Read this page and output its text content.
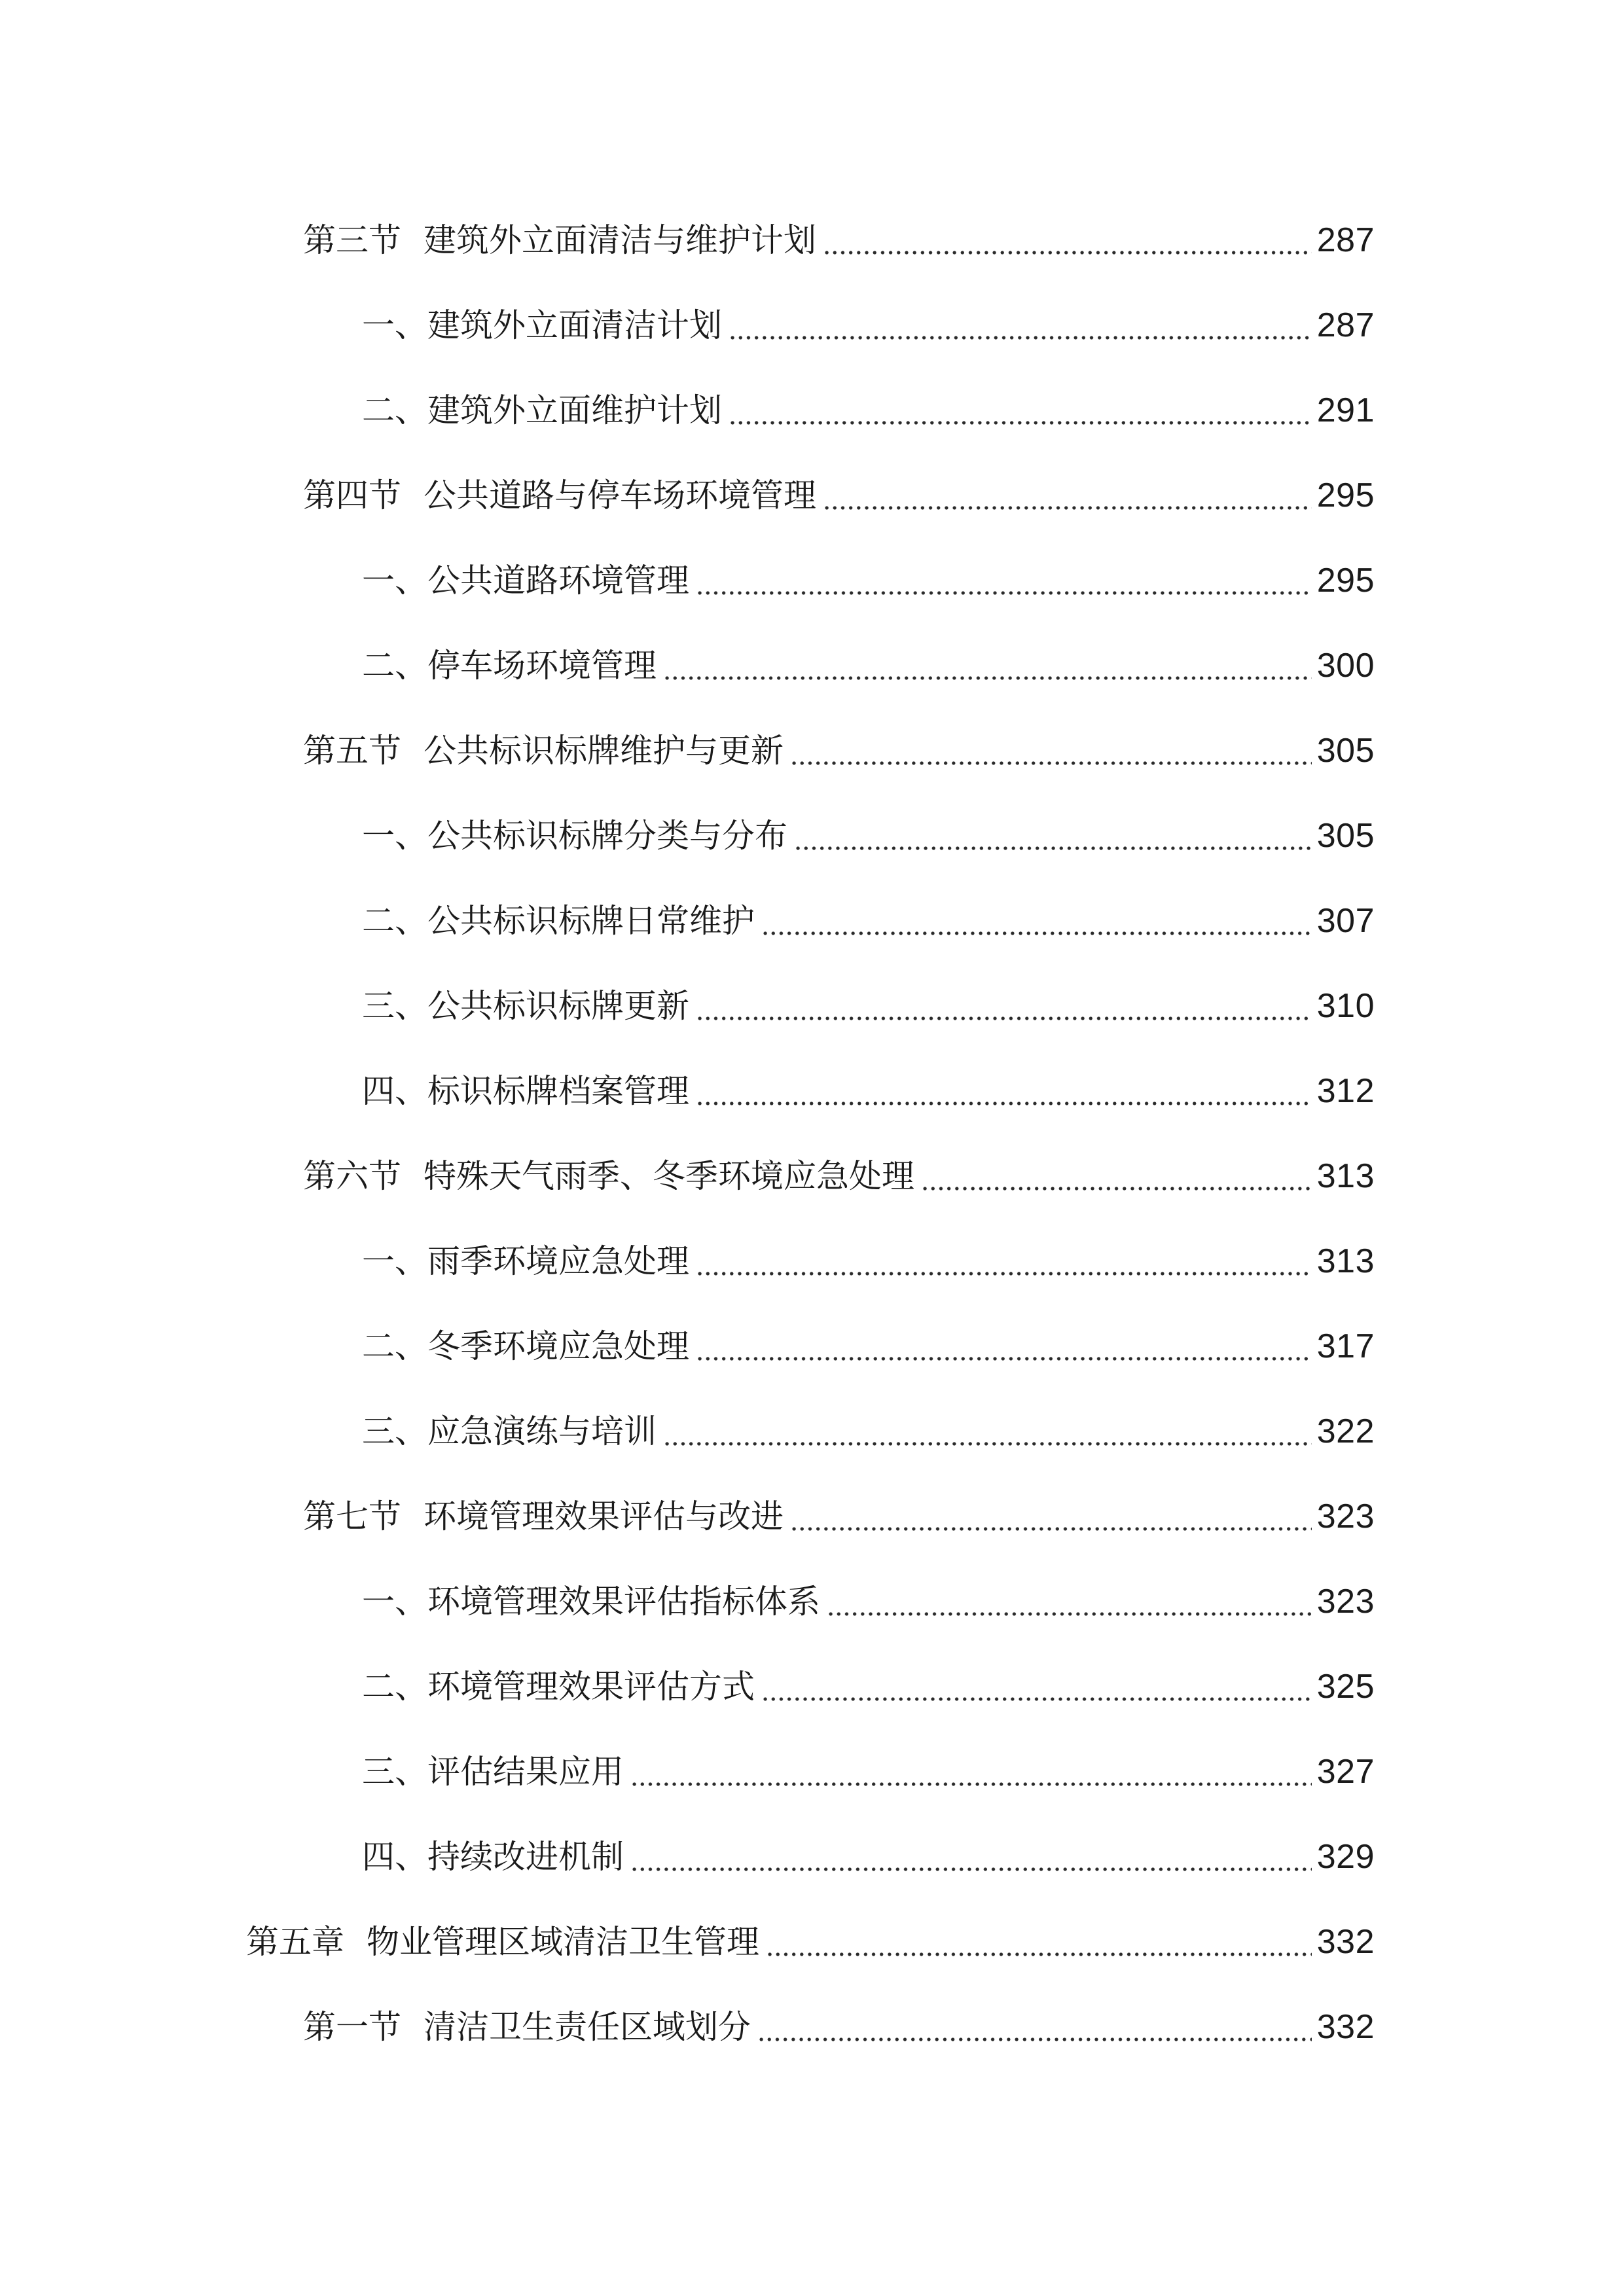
第三节 建筑外立面清洁与维护计划	287
一、 建筑外立面清洁计划	287
二、 建筑外立面维护计划	291
第四节 公共道路与停车场环境管理	295
一、 公共道路环境管理	295
二、 停车场环境管理	300
第五节 公共标识标牌维护与更新	305
一、 公共标识标牌分类与分布	305
二、 公共标识标牌日常维护	307
三、 公共标识标牌更新	310
四、 标识标牌档案管理	312
第六节 特殊天气雨季、冬季环境应急处理	313
一、 雨季环境应急处理	313
二、 冬季环境应急处理	317
三、 应急演练与培训	322
第七节 环境管理效果评估与改进	323
一、 环境管理效果评估指标体系	323
二、 环境管理效果评估方式	325
三、 评估结果应用	327
四、 持续改进机制	329
第五章 物业管理区域清洁卫生管理	332
第一节 清洁卫生责任区域划分	332
